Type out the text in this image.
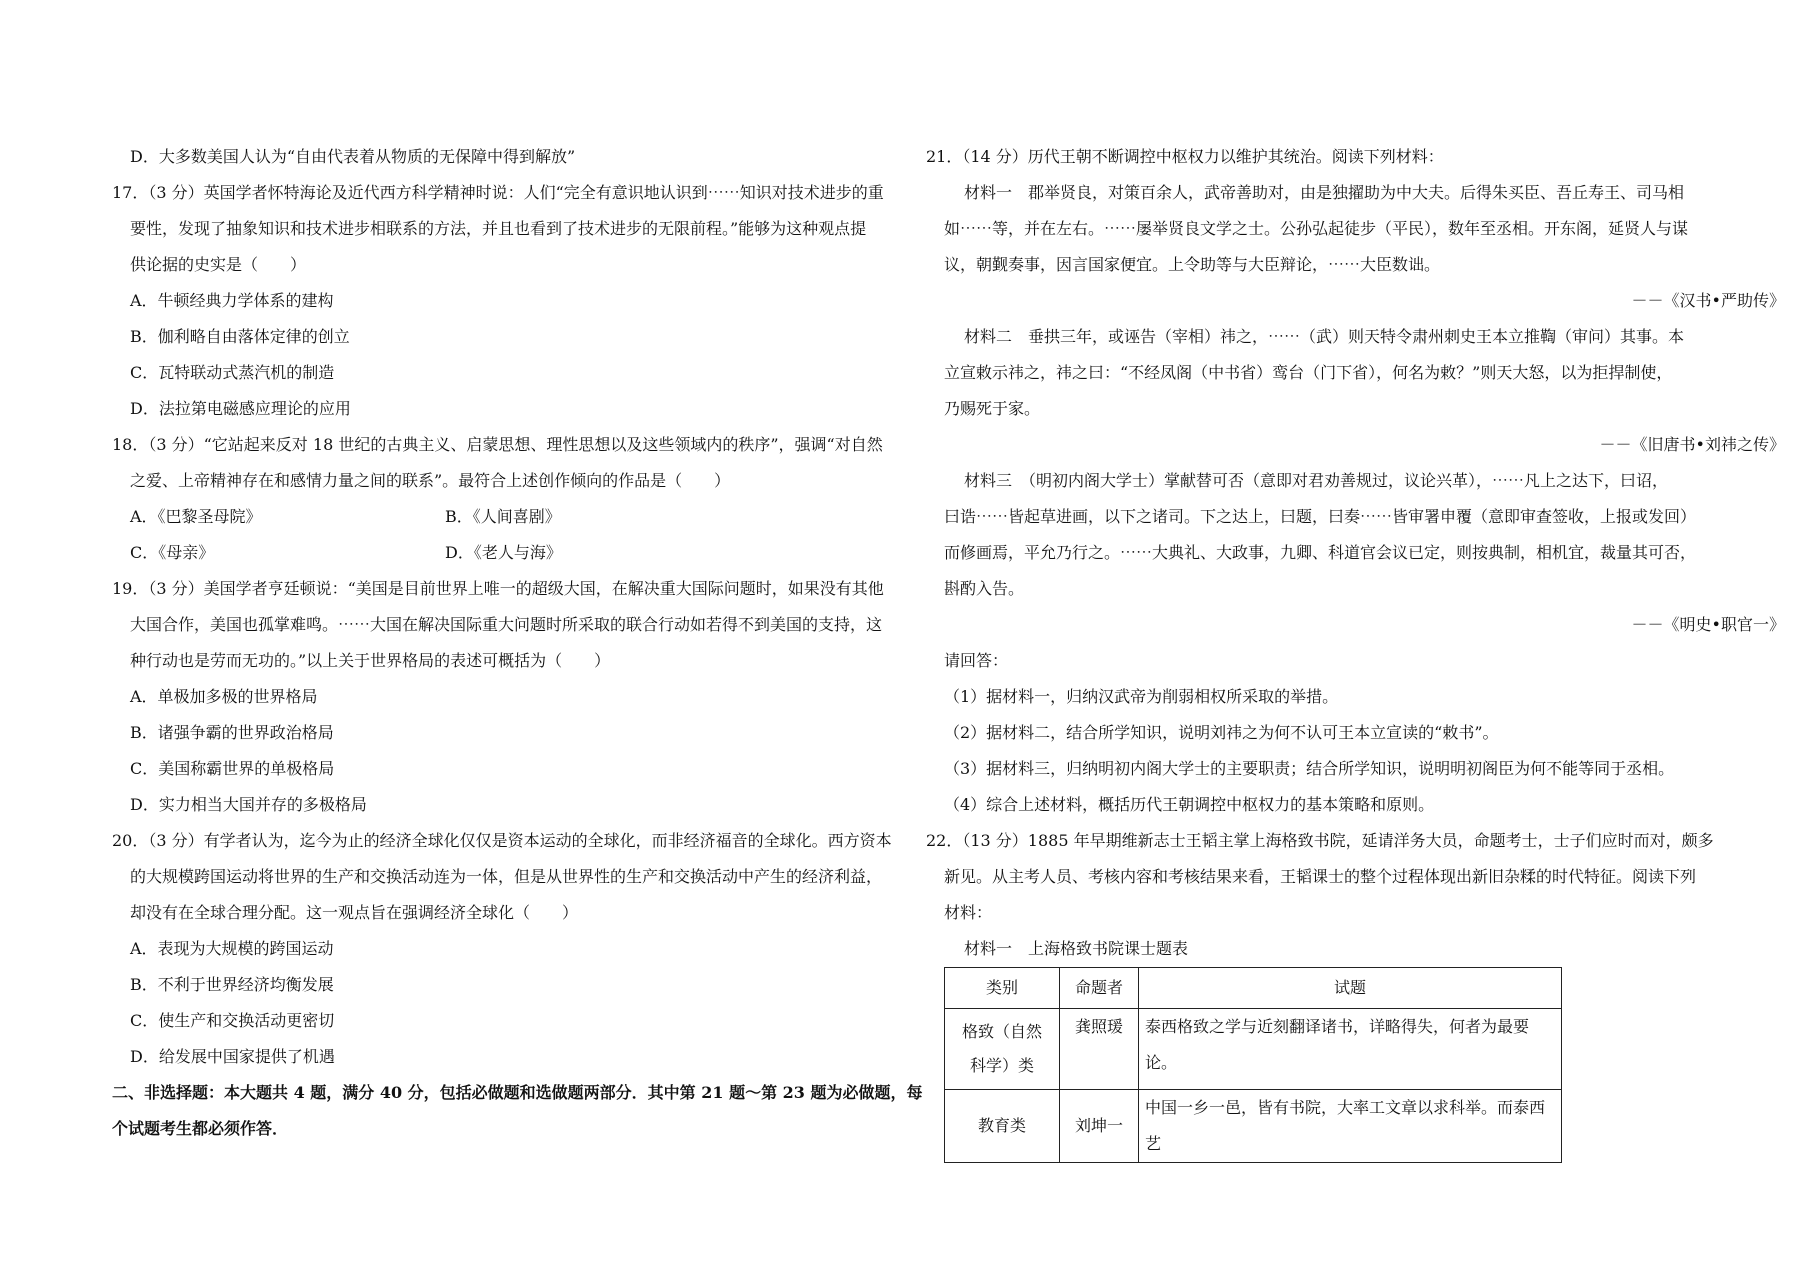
D．大多数美国人认为“自由代表着从物质的无保障中得到解放”
17．（3 分）英国学者怀特海论及近代西方科学精神时说：人们“完全有意识地认识到⋯⋯知识对技术进步的重
要性，发现了抽象知识和技术进步相联系的方法，并且也看到了技术进步的无限前程。”能够为这种观点提
供论据的史实是（　　）
A．牛顿经典力学体系的建构
B．伽利略自由落体定律的创立
C．瓦特联动式蒸汽机的制造
D．法拉第电磁感应理论的应用
18．（3 分）“它站起来反对 18 世纪的古典主义、启蒙思想、理性思想以及这些领域内的秩序”，强调“对自然
之爱、上帝精神存在和感情力量之间的联系”。最符合上述创作倾向的作品是（　　）
A．《巴黎圣母院》	B．《人间喜剧》
C．《母亲》	D．《老人与海》
19．（3 分）美国学者亨廷顿说：“美国是目前世界上唯一的超级大国，在解决重大国际问题时，如果没有其他
大国合作，美国也孤掌难鸣。⋯⋯大国在解决国际重大问题时所采取的联合行动如若得不到美国的支持，这
种行动也是劳而无功的。”以上关于世界格局的表述可概括为（　　）
A．单极加多极的世界格局
B．诸强争霸的世界政治格局
C．美国称霸世界的单极格局
D．实力相当大国并存的多极格局
20．（3 分）有学者认为，迄今为止的经济全球化仅仅是资本运动的全球化，而非经济福音的全球化。西方资本
的大规模跨国运动将世界的生产和交换活动连为一体，但是从世界性的生产和交换活动中产生的经济利益，
却没有在全球合理分配。这一观点旨在强调经济全球化（　　）
A．表现为大规模的跨国运动
B．不利于世界经济均衡发展
C．使生产和交换活动更密切
D．给发展中国家提供了机遇
二、非选择题：本大题共 4 题，满分 40 分，包括必做题和选做题两部分．其中第 21 题～第 23 题为必做题，每
个试题考生都必须作答．
21．（14 分）历代王朝不断调控中枢权力以维护其统治。阅读下列材料：
材料一　郡举贤良，对策百余人，武帝善助对，由是独擢助为中大夫。后得朱买臣、吾丘寿王、司马相
如⋯⋯等，并在左右。⋯⋯屡举贤良文学之士。公孙弘起徒步（平民），数年至丞相。开东阁，延贤人与谋
议，朝觐奏事，因言国家便宜。上令助等与大臣辩论，⋯⋯大臣数诎。
－－《汉书•严助传》
材料二　垂拱三年，或诬告（宰相）祎之，⋯⋯（武）则天特令肃州刺史王本立推鞫（审问）其事。本
立宣敕示祎之，祎之曰：“不经凤阁（中书省）鸾台（门下省），何名为敕？”则天大怒，以为拒捍制使，
乃赐死于家。
－－《旧唐书•刘祎之传》
材料三　（明初内阁大学士）掌献替可否（意即对君劝善规过，议论兴革），⋯⋯凡上之达下，曰诏，
曰诰⋯⋯皆起草进画，以下之诸司。下之达上，曰题，曰奏⋯⋯皆审署申覆（意即审查签收，上报或发回）
而修画焉，平允乃行之。⋯⋯大典礼、大政事，九卿、科道官会议已定，则按典制，相机宜，裁量其可否，
斟酌入告。
－－《明史•职官一》
请回答：
（1）据材料一，归纳汉武帝为削弱相权所采取的举措。
（2）据材料二，结合所学知识，说明刘祎之为何不认可王本立宣读的“敕书”。
（3）据材料三，归纳明初内阁大学士的主要职责；结合所学知识，说明明初阁臣为何不能等同于丞相。
（4）综合上述材料，概括历代王朝调控中枢权力的基本策略和原则。
22．（13 分）1885 年早期维新志士王韬主掌上海格致书院，延请洋务大员，命题考士，士子们应时而对，颇多
新见。从主考人员、考核内容和考核结果来看，王韬课士的整个过程体现出新旧杂糅的时代特征。阅读下列
材料：
材料一　上海格致书院课士题表
类别	命题者	试题

格致（自然
科学）类	龚照瑗	泰西格致之学与近刻翻译诸书，详略得失，何者为最要论。
教育类	刘坤一	中国一乡一邑，皆有书院，大率工文章以求科举。而泰西艺
